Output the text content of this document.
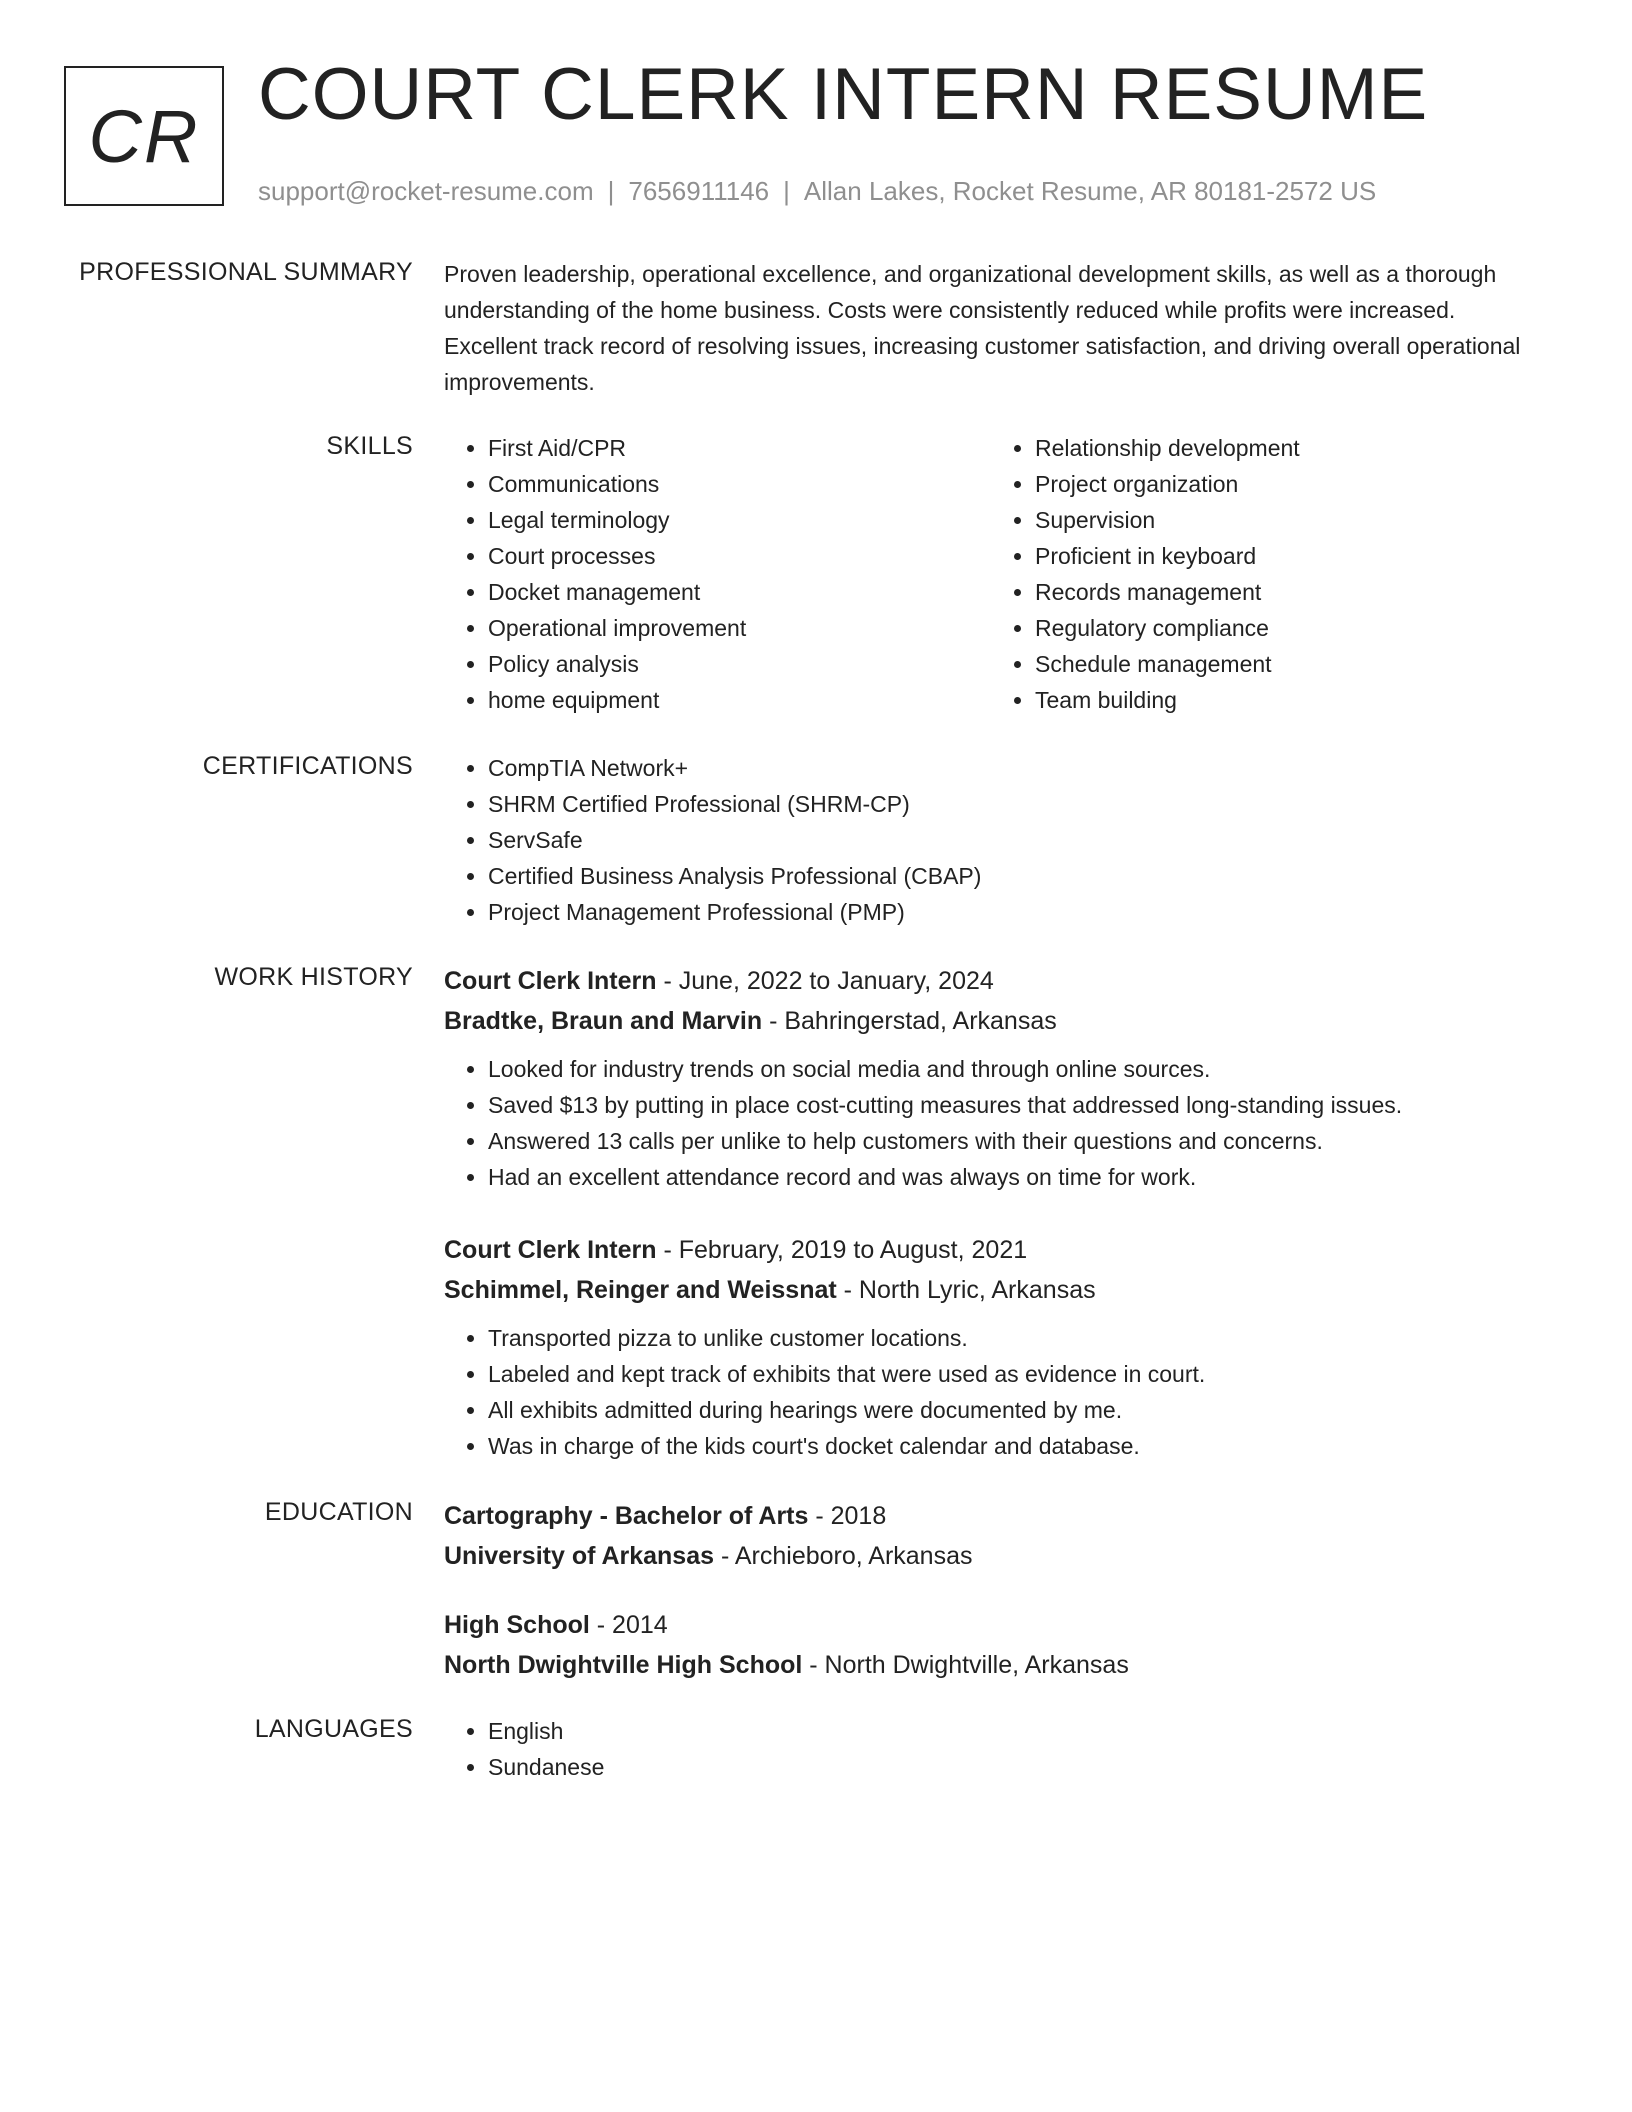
CR COURT CLERK INTERN RESUME
support@rocket-resume.com | 7656911146 | Allan Lakes, Rocket Resume, AR 80181-2572 US
PROFESSIONAL SUMMARY Proven leadership, operational excellence, and organizational development skills, as well as a thorough understanding of the home business. Costs were consistently reduced while profits were increased. Excellent track record of resolving issues, increasing customer satisfaction, and driving overall operational improvements.

SKILLS	• First Aid/CPR
• Communications
• Legal terminology
• Court processes
• Docket management
• Operational improvement
• Policy analysis
• home equipment
• Relationship development
• Project organization
• Supervision
• Proficient in keyboard
• Records management
• Regulatory compliance
• Schedule management
• Team building
CERTIFICATIONS	• CompTIA Network+
• SHRM Certified Professional (SHRM-CP)
• ServSafe
• Certified Business Analysis Professional (CBAP)
• Project Management Professional (PMP)
WORK HISTORY Court Clerk Intern - June, 2022 to January, 2024
Bradtke, Braun and Marvin - Bahringerstad, Arkansas
• Looked for industry trends on social media and through online sources.
• Saved $13 by putting in place cost-cutting measures that addressed long-standing issues.
• Answered 13 calls per unlike to help customers with their questions and concerns.
• Had an excellent attendance record and was always on time for work.
Court Clerk Intern - February, 2019 to August, 2021
Schimmel, Reinger and Weissnat - North Lyric, Arkansas
• Transported pizza to unlike customer locations.
• Labeled and kept track of exhibits that were used as evidence in court.
• All exhibits admitted during hearings were documented by me.
• Was in charge of the kids court's docket calendar and database.
EDUCATION Cartography - Bachelor of Arts - 2018
University of Arkansas - Archieboro, Arkansas
High School - 2014
North Dwightville High School - North Dwightville, Arkansas
LANGUAGES	• English
• Sundanese
